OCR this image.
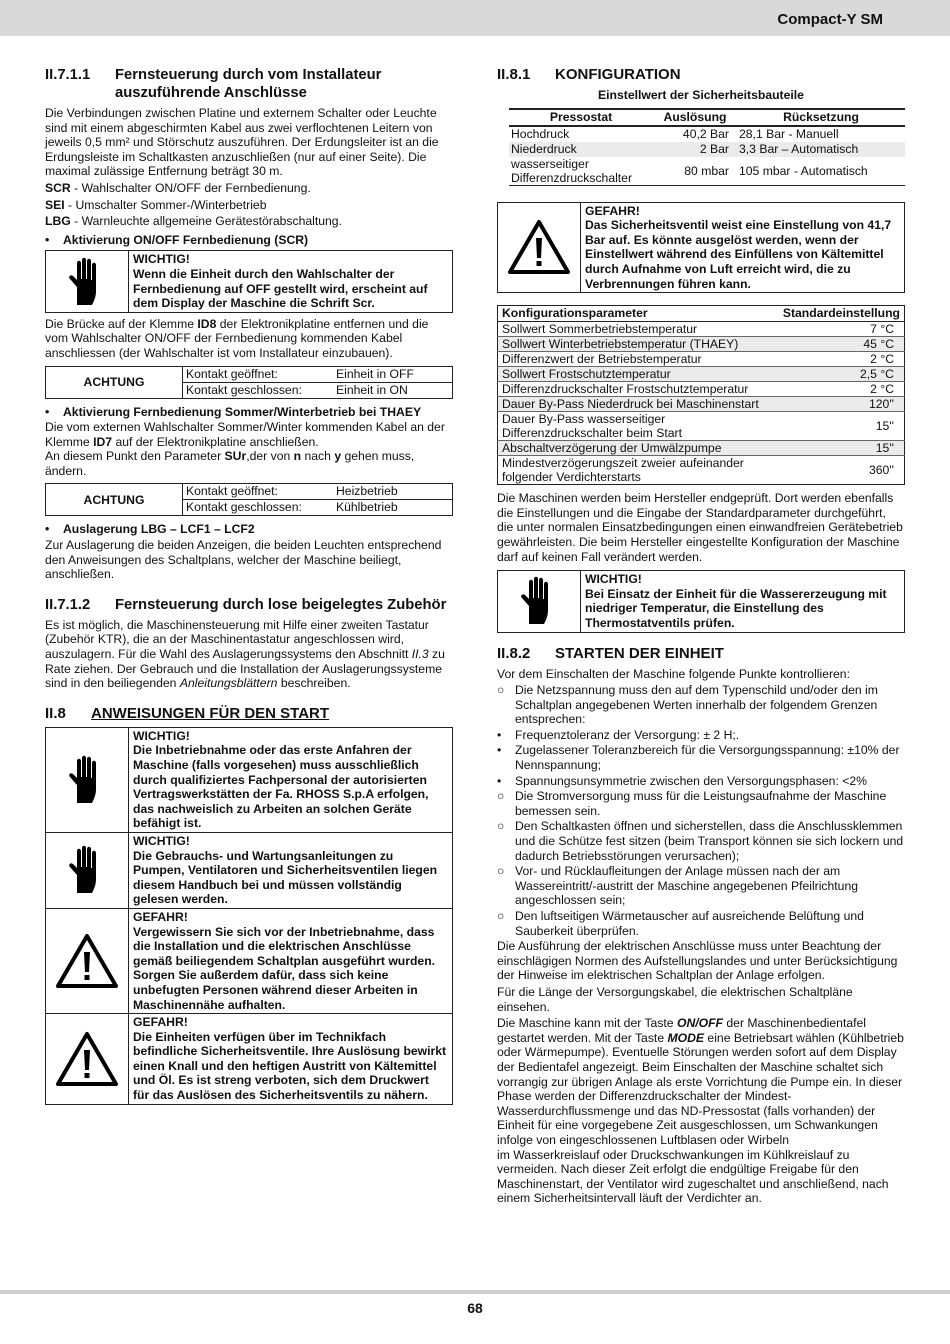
Compact-Y SM
II.7.1.1	Fernsteuerung durch vom Installateur auszuführende Anschlüsse

Die Verbindungen zwischen Platine und externem Schalter oder Leuchte sind mit einem abgeschirmten Kabel aus zwei verflochtenen Leitern von jeweils 0,5 mm² und Störschutz auszuführen. Der Erdungsleiter ist an die Erdungsleiste im Schaltkasten anzuschließen (nur auf einer Seite). Die maximal zulässige Entfernung beträgt 30 m.

SCR - Wahlschalter ON/OFF der Fernbedienung.

SEI - Umschalter Sommer-/Winterbetrieb

LBG - Warnleuchte allgemeine Gerätestörabschaltung.

•	Aktivierung ON/OFF Fernbedienung (SCR)
WICHTIG!
Wenn die Einheit durch den Wahlschalter der Fernbedienung auf OFF gestellt wird, erscheint auf dem Display der Maschine die Schrift Scr.

Die Brücke auf der Klemme ID8 der Elektronikplatine entfernen und die vom Wahlschalter ON/OFF der Fernbedienung kommenden Kabel anschliessen (der Wahlschalter ist vom Installateur einzubauen).

ACHTUNG
Kontakt geöffnet:	Einheit in OFF
Kontakt geschlossen:	Einheit in ON
•	Aktivierung Fernbedienung Sommer/Winterbetrieb bei THAEY

Die vom externen Wahlschalter Sommer/Winter kommenden Kabel an der Klemme ID7 auf der Elektronikplatine anschließen.

An diesem Punkt den Parameter SUr,der von n nach y gehen muss, ändern.

ACHTUNG
Kontakt geöffnet:	Heizbetrieb
Kontakt geschlossen:	Kühlbetrieb
•	Auslagerung LBG – LCF1 – LCF2

Zur Auslagerung die beiden Anzeigen, die beiden Leuchten entsprechend den Anweisungen des Schaltplans, welcher der Maschine beiliegt, anschließen.

II.7.1.2	Fernsteuerung durch lose beigelegtes Zubehör

Es ist möglich, die Maschinensteuerung mit Hilfe einer zweiten Tastatur (Zubehör KTR), die an der Maschinentastatur angeschlossen wird, auszulagern. Für die Wahl des Auslagerungssystems den Abschnitt II.3 zu Rate ziehen. Der Gebrauch und die Installation der Auslagerungssysteme sind in den beiliegenden Anleitungsblättern beschreiben.

II.8	ANWEISUNGEN FÜR DEN START
WICHTIG!
Die Inbetriebnahme oder das erste Anfahren der Maschine (falls vorgesehen) muss ausschließlich durch qualifiziertes Fachpersonal der autorisierten Vertragswerkstätten der Fa. RHOSS S.p.A erfolgen, das nachweislich zu Arbeiten an solchen Geräte befähigt ist.
WICHTIG!
Die Gebrauchs- und Wartungsanleitungen zu Pumpen, Ventilatoren und Sicherheitsventilen liegen diesem Handbuch bei und müssen vollständig gelesen werden.
GEFAHR!
Vergewissern Sie sich vor der Inbetriebnahme, dass die Installation und die elektrischen Anschlüsse gemäß beiliegendem Schaltplan ausgeführt wurden. Sorgen Sie außerdem dafür, dass sich keine unbefugten Personen während dieser Arbeiten in Maschinennähe aufhalten.
GEFAHR!
Die Einheiten verfügen über im Technikfach befindliche Sicherheitsventile. Ihre Auslösung bewirkt einen Knall und den heftigen Austritt von Kältemittel und Öl. Es ist streng verboten, sich dem Druckwert für das Auslösen des Sicherheitsventils zu nähern.
II.8.1	KONFIGURATION
Einstellwert der Sicherheitsbauteile
Pressostat	Auslösung	Rücksetzung
Hochdruck	40,2 Bar	28,1 Bar - Manuell
Niederdruck	2 Bar	3,3 Bar – Automatisch
wasserseitiger Differenzdruckschalter	80 mbar	105 mbar - Automatisch
GEFAHR!
Das Sicherheitsventil weist eine Einstellung von 41,7 Bar auf. Es könnte ausgelöst werden, wenn der Einstellwert während des Einfüllens von Kältemittel durch Aufnahme von Luft erreicht wird, die zu Verbrennungen führen kann.
Konfigurationsparameter	Standardeinstellung
Sollwert Sommerbetriebstemperatur	7 °C
Sollwert Winterbetriebstemperatur (THAEY)	45 °C
Differenzwert der Betriebstemperatur	2 °C
Sollwert Frostschutztemperatur	2,5 °C
Differenzdruckschalter Frostschutztemperatur	2 °C
Dauer By-Pass Niederdruck bei Maschinenstart	120''
Dauer By-Pass wasserseitiger Differenzdruckschalter beim Start	15''
Abschaltverzögerung der Umwälzpumpe	15''
Mindestverzögerungszeit zweier aufeinander folgender Verdichterstarts	360''

Die Maschinen werden beim Hersteller endgeprüft. Dort werden ebenfalls die Einstellungen und die Eingabe der Standardparameter durchgeführt, die unter normalen Einsatzbedingungen einen einwandfreien Gerätebetrieb gewährleisten. Die beim Hersteller eingestellte Konfiguration der Maschine darf auf keinen Fall verändert werden.

WICHTIG!
Bei Einsatz der Einheit für die Wassererzeugung mit niedriger Temperatur, die Einstellung des Thermostatventils prüfen.
II.8.2	STARTEN DER EINHEIT

Vor dem Einschalten der Maschine folgende Punkte kontrollieren:

○ Die Netzspannung muss den auf dem Typenschild und/oder den im Schaltplan angegebenen Werten innerhalb der folgendem Grenzen entsprechen:
•	Frequenztoleranz der Versorgung: ± 2 H;.
•	Zugelassener Toleranzbereich für die Versorgungsspannung: ±10% der Nennspannung;
•	Spannungsunsymmetrie zwischen den Versorgungsphasen: <2%
○ Die Stromversorgung muss für die Leistungsaufnahme der Maschine bemessen sein.
○ Den Schaltkasten öffnen und sicherstellen, dass die Anschlussklemmen und die Schütze fest sitzen (beim Transport können sie sich lockern und dadurch Betriebsstörungen verursachen);
○ Vor- und Rücklaufleitungen der Anlage müssen nach der am Wassereintritt/-austritt der Maschine angegebenen Pfeilrichtung angeschlossen sein;
○ Den luftseitigen Wärmetauscher auf ausreichende Belüftung und Sauberkeit überprüfen.

Die Ausführung der elektrischen Anschlüsse muss unter Beachtung der einschlägigen Normen des Aufstellungslandes und unter Berücksichtigung der Hinweise im elektrischen Schaltplan der Anlage erfolgen.

Für die Länge der Versorgungskabel, die elektrischen Schaltpläne einsehen.

Die Maschine kann mit der Taste ON/OFF der Maschinenbedientafel gestartet werden. Mit der Taste MODE eine Betriebsart wählen (Kühlbetrieb oder Wärmepumpe). Eventuelle Störungen werden sofort auf dem Display der Bedientafel angezeigt. Beim Einschalten der Maschine schaltet sich vorrangig zur übrigen Anlage als erste Vorrichtung die Pumpe ein. In dieser Phase werden der Differenzdruckschalter der Mindest-Wasserdurchflussmenge und das ND-Pressostat (falls vorhanden) der Einheit für eine vorgegebene Zeit ausgeschlossen, um Schwankungen infolge von eingeschlossenen Luftblasen oder Wirbeln

im Wasserkreislauf oder Druckschwankungen im Kühlkreislauf zu vermeiden. Nach dieser Zeit erfolgt die endgültige Freigabe für den Maschinenstart, der Ventilator wird zugeschaltet und anschließend, nach einem Sicherheitsintervall läuft der Verdichter an.

68
